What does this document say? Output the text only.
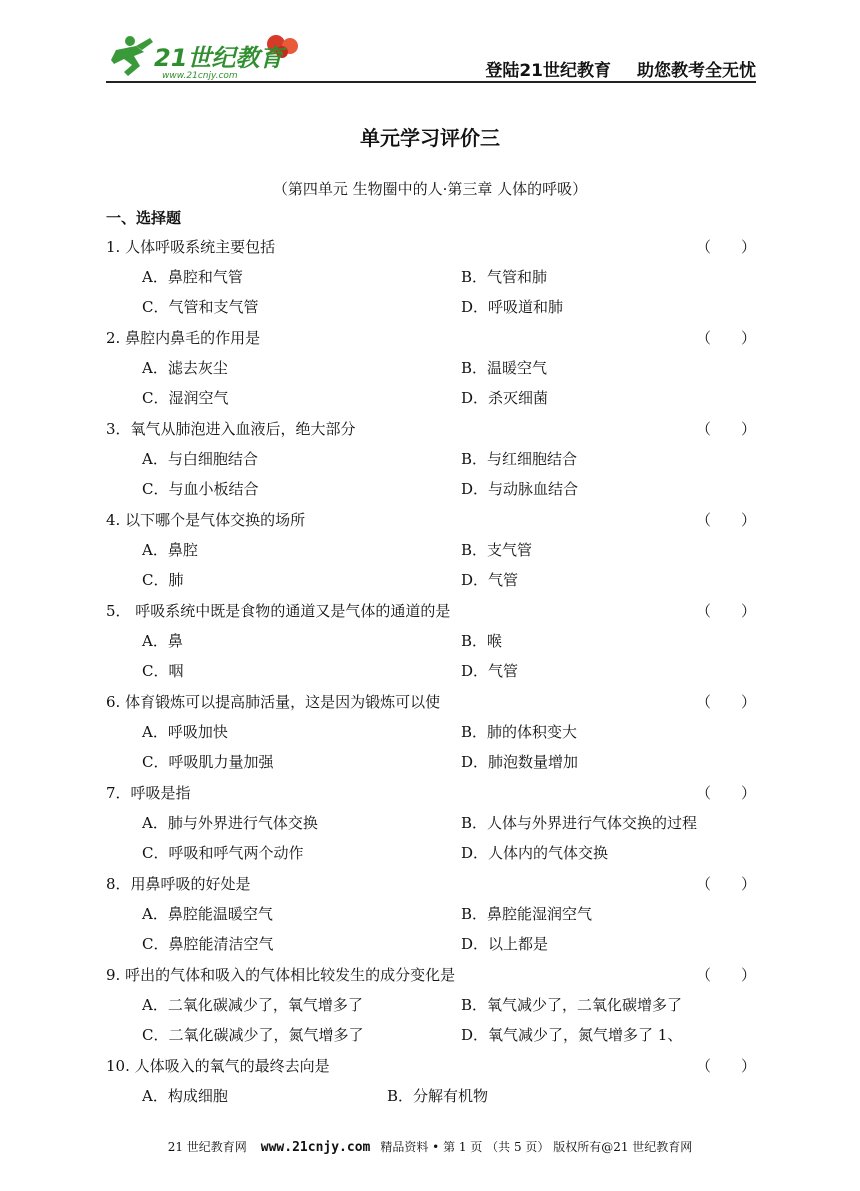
21世纪教育
www.21cnjy.com	登陆21世纪教育 助您教考全无忧
单元学习评价三
（第四单元 生物圈中的人·第三章 人体的呼吸）
一、选择题
1. 人体呼吸系统主要包括	（　　）
A．鼻腔和气管	B．气管和肺
C．气管和支气管	D．呼吸道和肺
2. 鼻腔内鼻毛的作用是	（　　）
A．滤去灰尘	B．温暖空气
C．湿润空气	D．杀灭细菌
3．氧气从肺泡进入血液后，绝大部分	（　　）
A．与白细胞结合	B．与红细胞结合
C．与血小板结合	D．与动脉血结合
4. 以下哪个是气体交换的场所	（　　）
A．鼻腔	B．支气管
C．肺	D．气管
5． 呼吸系统中既是食物的通道又是气体的通道的是	（　　）
A．鼻	B．喉
C．咽	D．气管
6. 体育锻炼可以提高肺活量，这是因为锻炼可以使	（　　）
A．呼吸加快	B．肺的体积变大
C．呼吸肌力量加强	D．肺泡数量增加
7．呼吸是指	（　　）
A．肺与外界进行气体交换	B．人体与外界进行气体交换的过程
C．呼吸和呼气两个动作	D．人体内的气体交换
8．用鼻呼吸的好处是	（　　）
A．鼻腔能温暖空气	B．鼻腔能湿润空气
C．鼻腔能清洁空气	D．以上都是
9. 呼出的气体和吸入的气体相比较发生的成分变化是	（　　）
A．二氧化碳减少了，氧气增多了	B．氧气减少了，二氧化碳增多了
C．二氧化碳减少了，氮气增多了	D．氧气减少了，氮气增多了 1、
10. 人体吸入的氧气的最终去向是	（　　）
A．构成细胞	B．分解有机物
21 世纪教育网 www.21cnjy.com 精品资料 • 第 1 页 （共 5 页） 版权所有@21 世纪教育网
